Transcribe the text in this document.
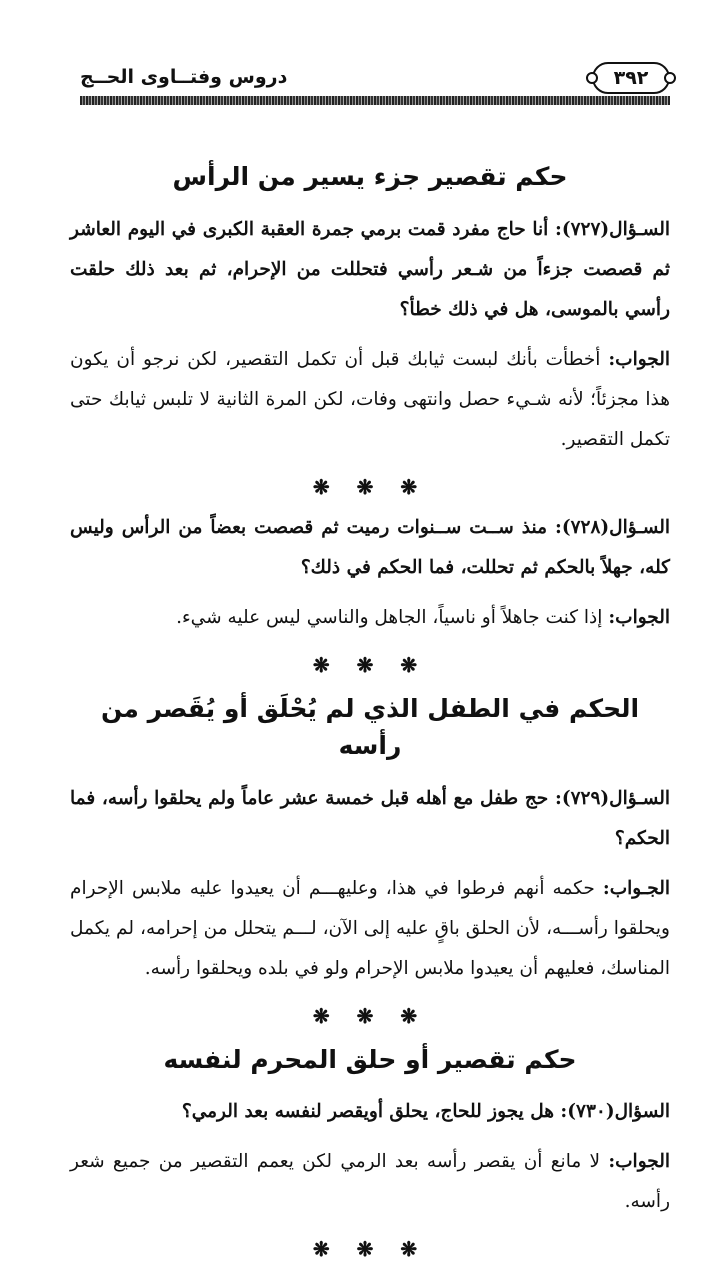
٣٩٢
دروس وفتــاوى الحــج
حكم تقصير جزء يسير من الرأس

السـؤال(٧٢٧): أنا حاج مفرد قمت برمي جمرة العقبة الكبرى في اليوم العاشر ثم قصصت جزءاً من شـعر رأسي فتحللت من الإحرام، ثم بعد ذلك حلقت رأسي بالموسى، هل في ذلك خطأ؟

الجواب: أخطأت بأنك لبست ثيابك قبل أن تكمل التقصير، لكن نرجو أن يكون هذا مجزئاً؛ لأنه شـيء حصل وانتهى وفات، لكن المرة الثانية لا تلبس ثيابك حتى تكمل التقصير.

❋ ❋ ❋

السـؤال(٧٢٨): منذ ســت ســنوات رميت ثم قصصت بعضاً من الرأس وليس كله، جهلاً بالحكم ثم تحللت، فما الحكم في ذلك؟

الجواب: إذا كنت جاهلاً أو ناسياً، الجاهل والناسي ليس عليه شيء.

❋ ❋ ❋
الحكم في الطفل الذي لم يُحْلَق أو يُقَصر من رأسه

السـؤال(٧٢٩): حج طفل مع أهله قبل خمسة عشر عاماً ولم يحلقوا رأسه، فما الحكم؟

الجـواب: حكمه أنهم فرطوا في هذا، وعليهـــم أن يعيدوا عليه ملابس الإحرام ويحلقوا رأســـه، لأن الحلق باقٍ عليه إلى الآن، لـــم يتحلل من إحرامه، لم يكمل المناسك، فعليهم أن يعيدوا ملابس الإحرام ولو في بلده ويحلقوا رأسه.

❋ ❋ ❋
حكم تقصير أو حلق المحرم لنفسه

السؤال(٧٣٠): هل يجوز للحاج، يحلق أويقصر لنفسه بعد الرمي؟

الجواب: لا مانع أن يقصر رأسه بعد الرمي لكن يعمم التقصير من جميع شعر رأسه.

❋ ❋ ❋
